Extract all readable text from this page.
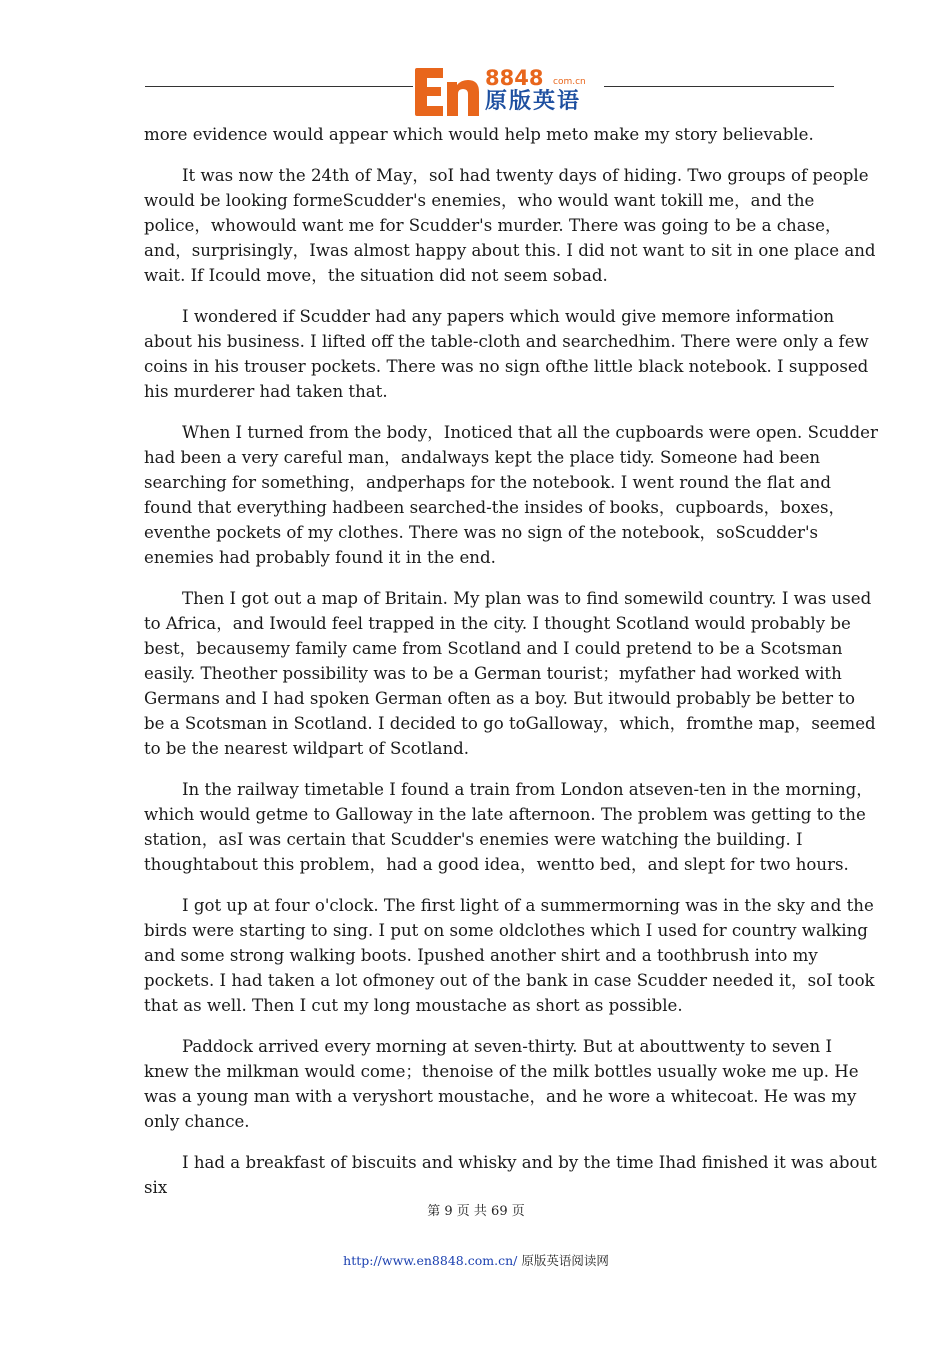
8848 com.cn
原版英语

more evidence would appear which would help meto make my story believable.

It was now the 24th of May，soI had twenty days of hiding. Two groups of people would be looking formeScudder's enemies，who would want tokill me，and the police，whowould want me for Scudder's murder. There was going to be a chase，and，surprisingly，Iwas almost happy about this. I did not want to sit in one place and wait. If Icould move，the situation did not seem sobad.

I wondered if Scudder had any papers which would give memore information about his business. I lifted off the table-cloth and searchedhim. There were only a few coins in his trouser pockets. There was no sign ofthe little black notebook. I supposed his murderer had taken that.

When I turned from the body，Inoticed that all the cupboards were open. Scudder had been a very careful man，andalways kept the place tidy. Someone had been searching for something，andperhaps for the notebook. I went round the flat and found that everything hadbeen searched-the insides of books，cupboards，boxes，eventhe pockets of my clothes. There was no sign of the notebook，soScudder's enemies had probably found it in the end.

Then I got out a map of Britain. My plan was to find somewild country. I was used to Africa，and Iwould feel trapped in the city. I thought Scotland would probably be best，becausemy family came from Scotland and I could pretend to be a Scotsman easily. Theother possibility was to be a German tourist；myfather had worked with Germans and I had spoken German often as a boy. But itwould probably be better to be a Scotsman in Scotland. I decided to go toGalloway，which，fromthe map，seemed to be the nearest wildpart of Scotland.

In the railway timetable I found a train from London atseven-ten in the morning，which would getme to Galloway in the late afternoon. The problem was getting to the station，asI was certain that Scudder's enemies were watching the building. I thoughtabout this problem，had a good idea，wentto bed，and slept for two hours.

I got up at four o'clock. The first light of a summermorning was in the sky and the birds were starting to sing. I put on some oldclothes which I used for country walking and some strong walking boots. Ipushed another shirt and a toothbrush into my pockets. I had taken a lot ofmoney out of the bank in case Scudder needed it，soI took that as well. Then I cut my long moustache as short as possible.

Paddock arrived every morning at seven-thirty. But at abouttwenty to seven I knew the milkman would come；thenoise of the milk bottles usually woke me up. He was a young man with a veryshort moustache，and he wore a whitecoat. He was my only chance.

I had a breakfast of biscuits and whisky and by the time Ihad finished it was about six

第 9 页 共 69 页
http://www.en8848.com.cn/ 原版英语阅读网
